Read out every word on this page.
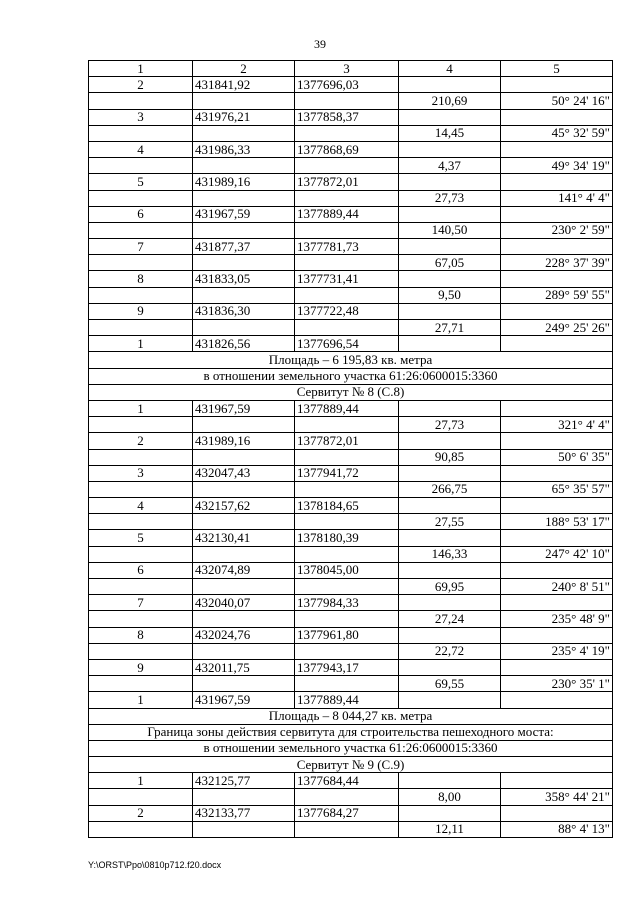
39
1	2	3	4	5
2	431841,92	1377696,03		
			210,69	50° 24' 16"
3	431976,21	1377858,37		
			14,45	45° 32' 59"
4	431986,33	1377868,69		
			4,37	49° 34' 19"
5	431989,16	1377872,01		
			27,73	141° 4' 4"
6	431967,59	1377889,44		
			140,50	230° 2' 59"
7	431877,37	1377781,73		
			67,05	228° 37' 39"
8	431833,05	1377731,41		
			9,50	289° 59' 55"
9	431836,30	1377722,48		
			27,71	249° 25' 26"
1	431826,56	1377696,54		
Площадь – 6 195,83 кв. метра				
в отношении земельного участка 61:26:0600015:3360				
Сервитут № 8 (С.8)				
1	431967,59	1377889,44		
			27,73	321° 4' 4"
2	431989,16	1377872,01		
			90,85	50° 6' 35"
3	432047,43	1377941,72		
			266,75	65° 35' 57"
4	432157,62	1378184,65		
			27,55	188° 53' 17"
5	432130,41	1378180,39		
			146,33	247° 42' 10"
6	432074,89	1378045,00		
			69,95	240° 8' 51"
7	432040,07	1377984,33		
			27,24	235° 48' 9"
8	432024,76	1377961,80		
			22,72	235° 4' 19"
9	432011,75	1377943,17		
			69,55	230° 35' 1"
1	431967,59	1377889,44		
Площадь – 8 044,27 кв. метра				
Граница зоны действия сервитута для строительства пешеходного моста:				
в отношении земельного участка 61:26:0600015:3360				
Сервитут № 9 (С.9)				
1	432125,77	1377684,44		
			8,00	358° 44' 21"
2	432133,77	1377684,27		
			12,11	88° 4' 13"
Y:\ORST\Ppo\0810p712.f20.docx
